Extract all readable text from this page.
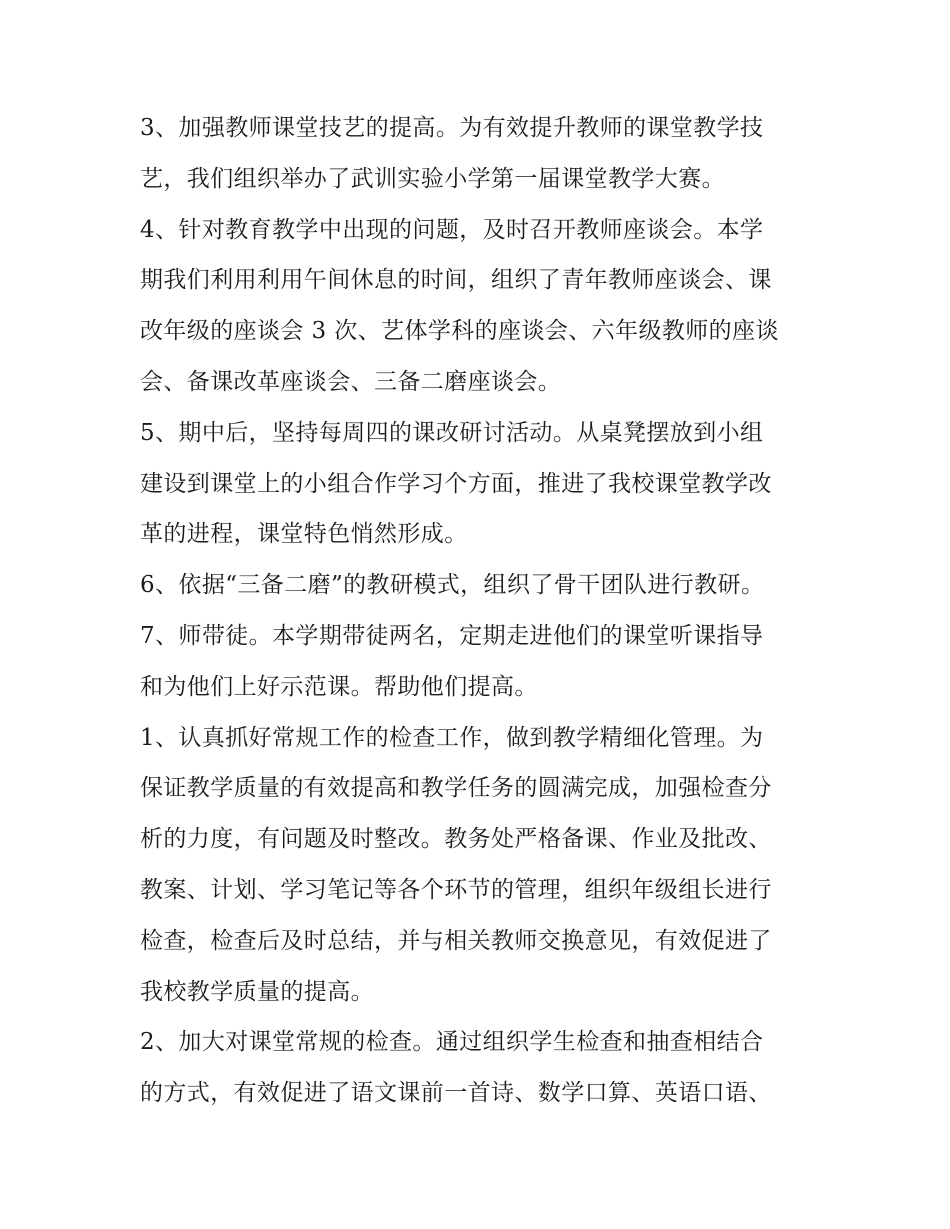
3、加强教师课堂技艺的提高。为有效提升教师的课堂教学技
艺，我们组织举办了武训实验小学第一届课堂教学大赛。
4、针对教育教学中出现的问题，及时召开教师座谈会。本学
期我们利用利用午间休息的时间，组织了青年教师座谈会、课
改年级的座谈会 3 次、艺体学科的座谈会、六年级教师的座谈
会、备课改革座谈会、三备二磨座谈会。
5、期中后，坚持每周四的课改研讨活动。从桌凳摆放到小组
建设到课堂上的小组合作学习个方面，推进了我校课堂教学改
革的进程，课堂特色悄然形成。
6、依据“三备二磨”的教研模式，组织了骨干团队进行教研。
7、师带徒。本学期带徒两名，定期走进他们的课堂听课指导
和为他们上好示范课。帮助他们提高。
1、认真抓好常规工作的检查工作，做到教学精细化管理。为
保证教学质量的有效提高和教学任务的圆满完成，加强检查分
析的力度，有问题及时整改。教务处严格备课、作业及批改、
教案、计划、学习笔记等各个环节的管理，组织年级组长进行
检查，检查后及时总结，并与相关教师交换意见，有效促进了
我校教学质量的提高。
2、加大对课堂常规的检查。通过组织学生检查和抽查相结合
的方式，有效促进了语文课前一首诗、数学口算、英语口语、
